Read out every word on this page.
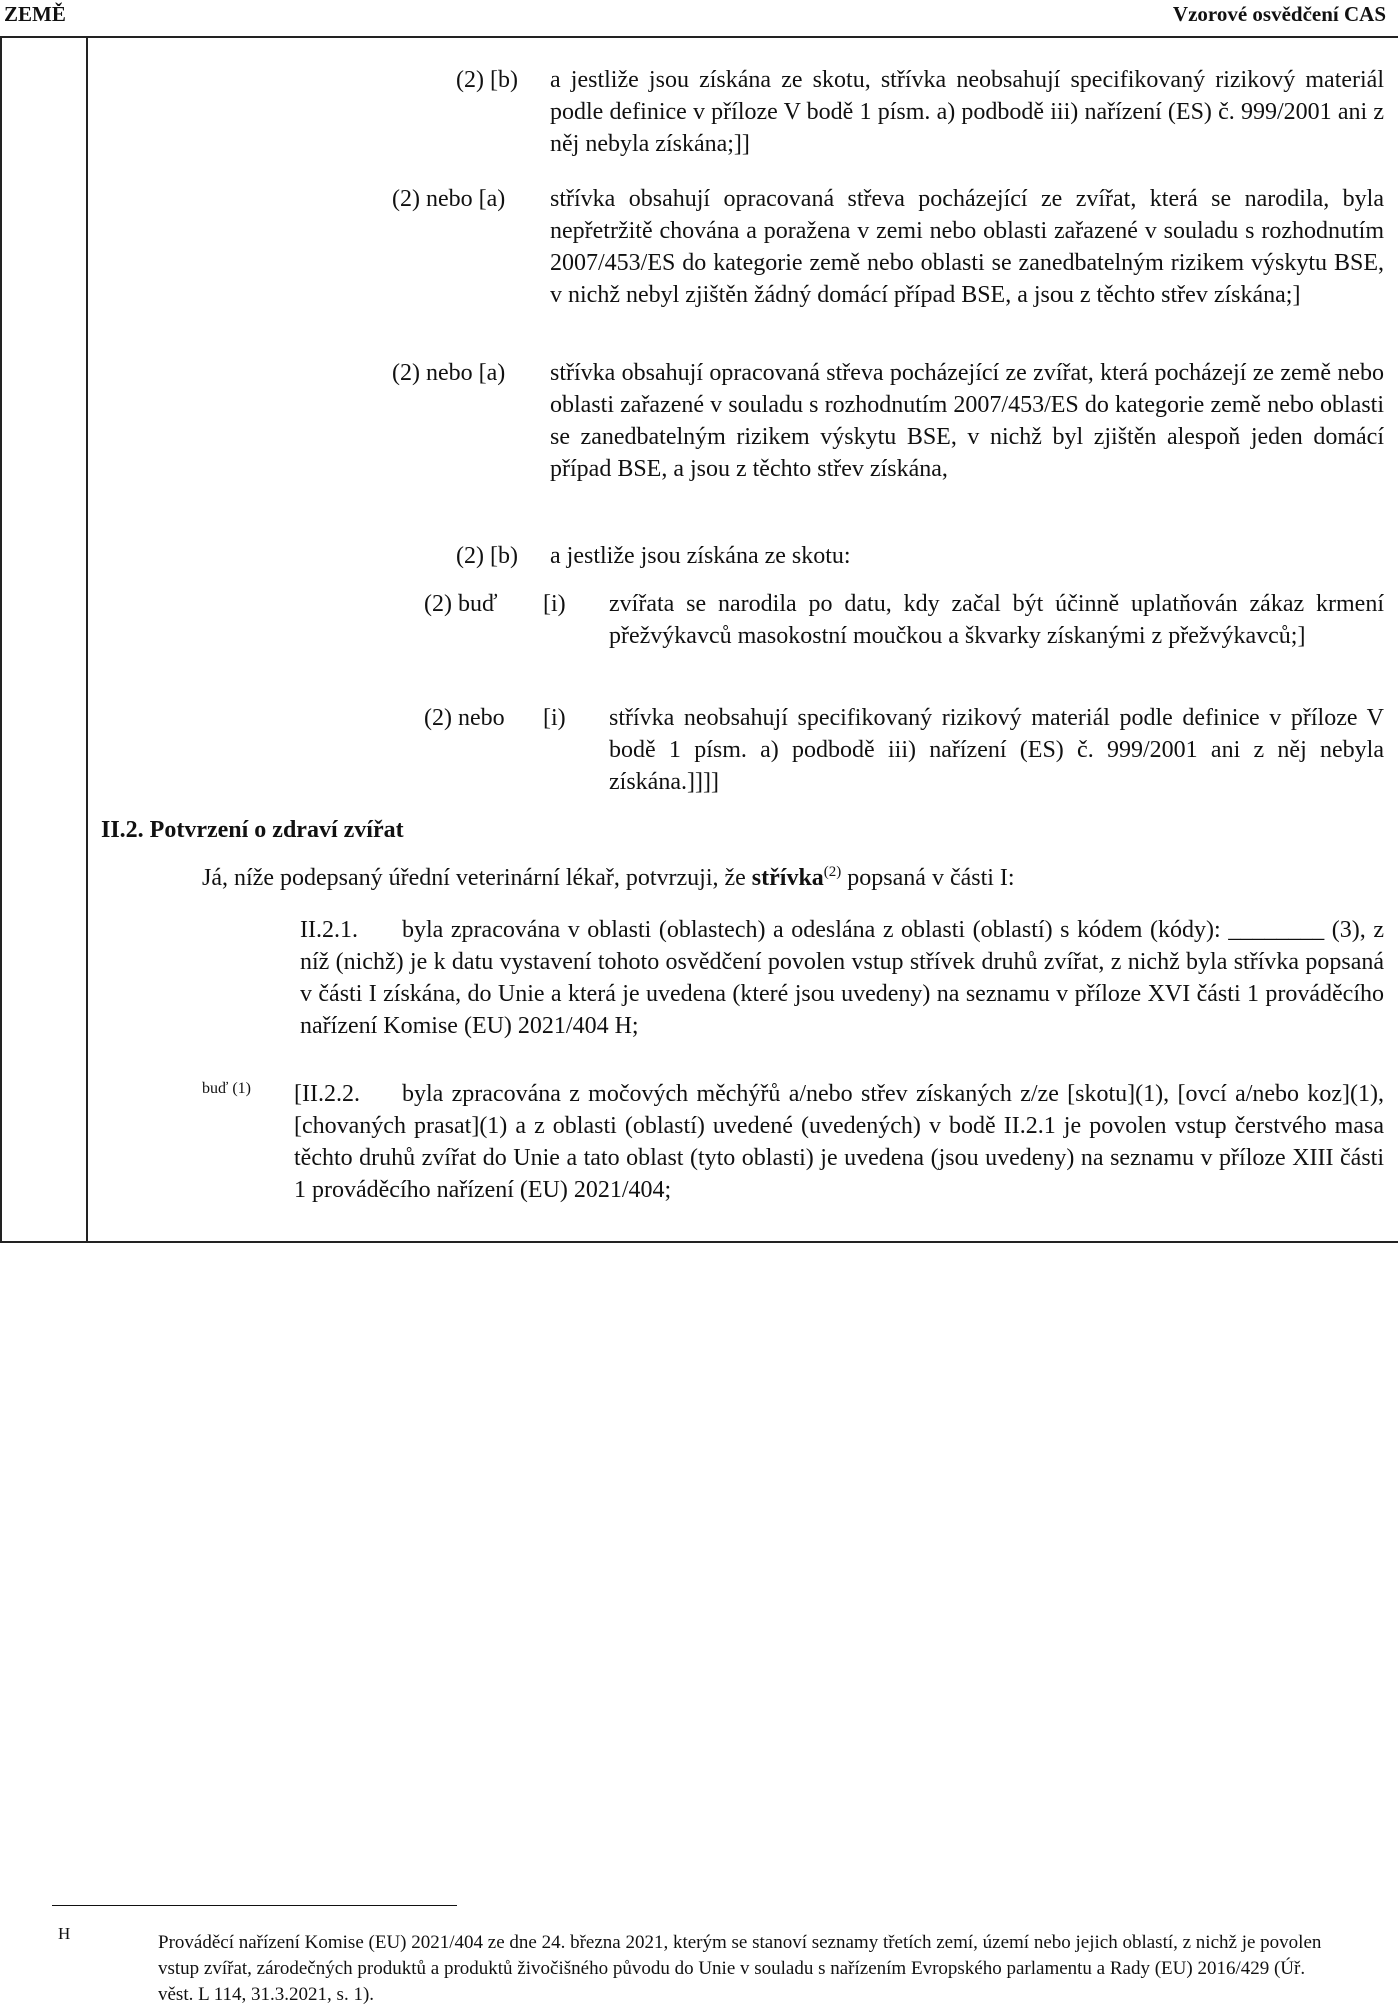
ZEMĚ	Vzorové osvědčení CAS
(2) [b) a jestliže jsou získána ze skotu, střívka neobsahují specifikovaný rizikový materiál podle definice v příloze V bodě 1 písm. a) podbodě iii) nařízení (ES) č. 999/2001 ani z něj nebyla získána;]]
(2) nebo [a) střívka obsahují opracovaná střeva pocházející ze zvířat, která se narodila, byla nepřetržitě chována a poražena v zemi nebo oblasti zařazené v souladu s rozhodnutím 2007/453/ES do kategorie země nebo oblasti se zanedbatelným rizikem výskytu BSE, v nichž nebyl zjištěn žádný domácí případ BSE, a jsou z těchto střev získána;]
(2) nebo [a) střívka obsahují opracovaná střeva pocházející ze zvířat, která pocházejí ze země nebo oblasti zařazené v souladu s rozhodnutím 2007/453/ES do kategorie země nebo oblasti se zanedbatelným rizikem výskytu BSE, v nichž byl zjištěn alespoň jeden domácí případ BSE, a jsou z těchto střev získána,
(2) [b) a jestliže jsou získána ze skotu:
(2) buď [i) zvířata se narodila po datu, kdy začal být účinně uplatňován zákaz krmení přežvýkavců masokostní moučkou a škvarky získanými z přežvýkavců;]
(2) nebo [i) střívka neobsahují specifikovaný rizikový materiál podle definice v příloze V bodě 1 písm. a) podbodě iii) nařízení (ES) č. 999/2001 ani z něj nebyla získána.]]]]
II.2. Potvrzení o zdraví zvířat
Já, níže podepsaný úřední veterinární lékař, potvrzuji, že střívka$^{(2)}$ popsaná v části I:
II.2.1.	byla zpracována v oblasti (oblastech) a odeslána z oblasti (oblastí) s kódem (kódy): ________ (3), z níž (nichž) je k datu vystavení tohoto osvědčení povolen vstup střívek druhů zvířat, z nichž byla střívka popsaná v části I získána, do Unie a která je uvedena (které jsou uvedeny) na seznamu v příloze XVI části 1 prováděcího nařízení Komise (EU) 2021/404 H;
buď (1) [II.2.2.	byla zpracována z močových měchýřů a/nebo střev získaných z/ze [skotu](1), [ovcí a/nebo koz](1), [chovaných prasat](1) a z oblasti (oblastí) uvedené (uvedených) v bodě II.2.1 je povolen vstup čerstvého masa těchto druhů zvířat do Unie a tato oblast (tyto oblasti) je uvedena (jsou uvedeny) na seznamu v příloze XIII části 1 prováděcího nařízení (EU) 2021/404;
H	Prováděcí nařízení Komise (EU) 2021/404 ze dne 24. března 2021, kterým se stanoví seznamy třetích zemí, území nebo jejich oblastí, z nichž je povolen vstup zvířat, zárodečných produktů a produktů živočišného původu do Unie v souladu s nařízením Evropského parlamentu a Rady (EU) 2016/429 (Úř. věst. L 114, 31.3.2021, s. 1).
